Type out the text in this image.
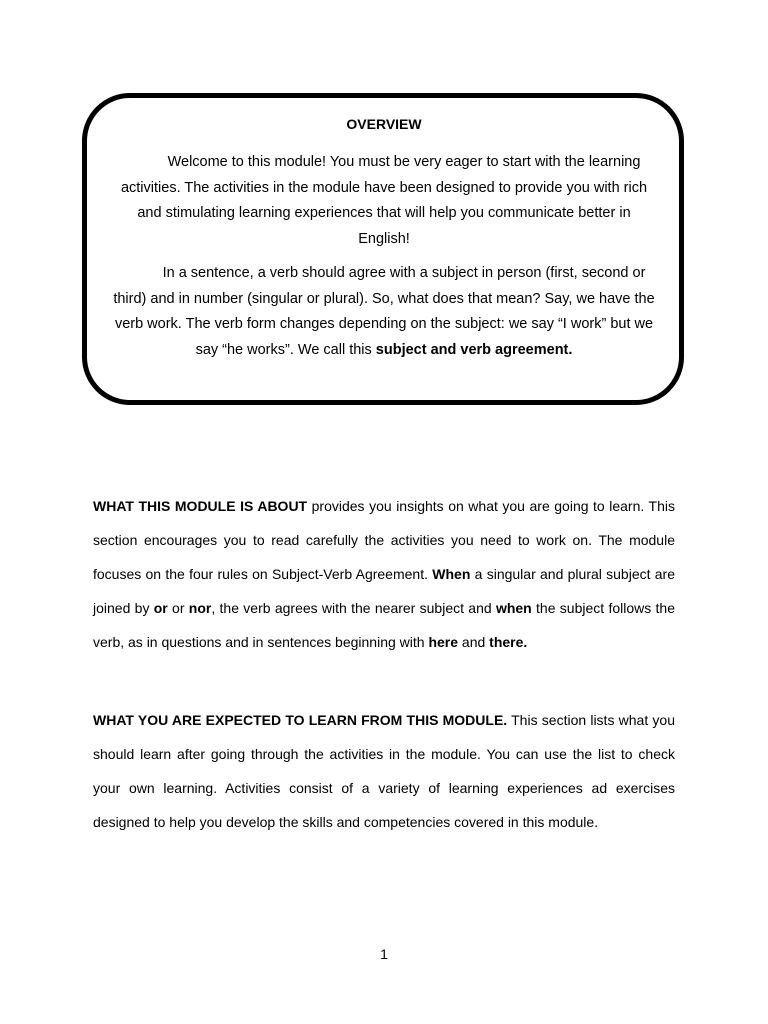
OVERVIEW
Welcome to this module! You must be very eager to start with the learning activities. The activities in the module have been designed to provide you with rich and stimulating learning experiences that will help you communicate better in English!
In a sentence, a verb should agree with a subject in person (first, second or third) and in number (singular or plural). So, what does that mean? Say, we have the verb work. The verb form changes depending on the subject: we say “I work” but we say “he works”. We call this subject and verb agreement.
WHAT THIS MODULE IS ABOUT provides you insights on what you are going to learn. This section encourages you to read carefully the activities you need to work on. The module focuses on the four rules on Subject-Verb Agreement. When a singular and plural subject are joined by or or nor, the verb agrees with the nearer subject and when the subject follows the verb, as in questions and in sentences beginning with here and there.
WHAT YOU ARE EXPECTED TO LEARN FROM THIS MODULE. This section lists what you should learn after going through the activities in the module. You can use the list to check your own learning. Activities consist of a variety of learning experiences ad exercises designed to help you develop the skills and competencies covered in this module.
1
